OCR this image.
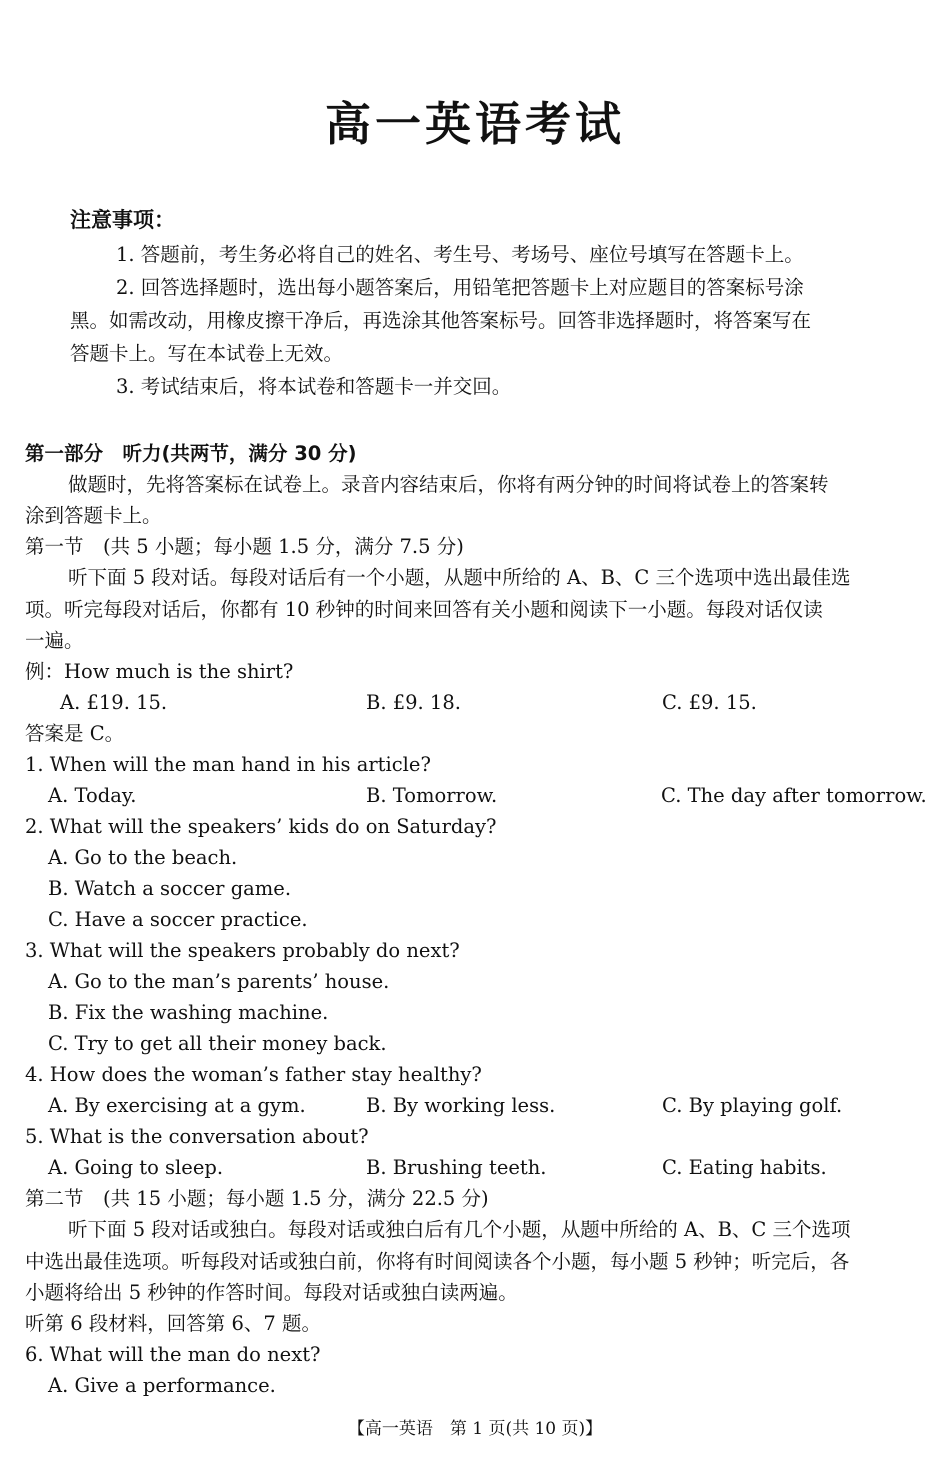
高一英语考试
注意事项：
1. 答题前，考生务必将自己的姓名、考生号、考场号、座位号填写在答题卡上。
2. 回答选择题时，选出每小题答案后，用铅笔把答题卡上对应题目的答案标号涂
黑。如需改动，用橡皮擦干净后，再选涂其他答案标号。回答非选择题时，将答案写在
答题卡上。写在本试卷上无效。
3. 考试结束后，将本试卷和答题卡一并交回。
第一部分　听力(共两节，满分 30 分)
做题时，先将答案标在试卷上。录音内容结束后，你将有两分钟的时间将试卷上的答案转
涂到答题卡上。
第一节　(共 5 小题；每小题 1.5 分，满分 7.5 分)
听下面 5 段对话。每段对话后有一个小题，从题中所给的 A、B、C 三个选项中选出最佳选
项。听完每段对话后，你都有 10 秒钟的时间来回答有关小题和阅读下一小题。每段对话仅读
一遍。
例：How much is the shirt?
A. £19. 15.	B. £9. 18.	C. £9. 15.
答案是 C。
1. When will the man hand in his article?
A. Today.	B. Tomorrow.	C. The day after tomorrow.
2. What will the speakers’ kids do on Saturday?
A. Go to the beach.
B. Watch a soccer game.
C. Have a soccer practice.
3. What will the speakers probably do next?
A. Go to the man’s parents’ house.
B. Fix the washing machine.
C. Try to get all their money back.
4. How does the woman’s father stay healthy?
A. By exercising at a gym.	B. By working less.	C. By playing golf.
5. What is the conversation about?
A. Going to sleep.	B. Brushing teeth.	C. Eating habits.
第二节　(共 15 小题；每小题 1.5 分，满分 22.5 分)
听下面 5 段对话或独白。每段对话或独白后有几个小题，从题中所给的 A、B、C 三个选项
中选出最佳选项。听每段对话或独白前，你将有时间阅读各个小题，每小题 5 秒钟；听完后，各
小题将给出 5 秒钟的作答时间。每段对话或独白读两遍。
听第 6 段材料，回答第 6、7 题。
6. What will the man do next?
A. Give a performance.
【高一英语　第 1 页(共 10 页)】
